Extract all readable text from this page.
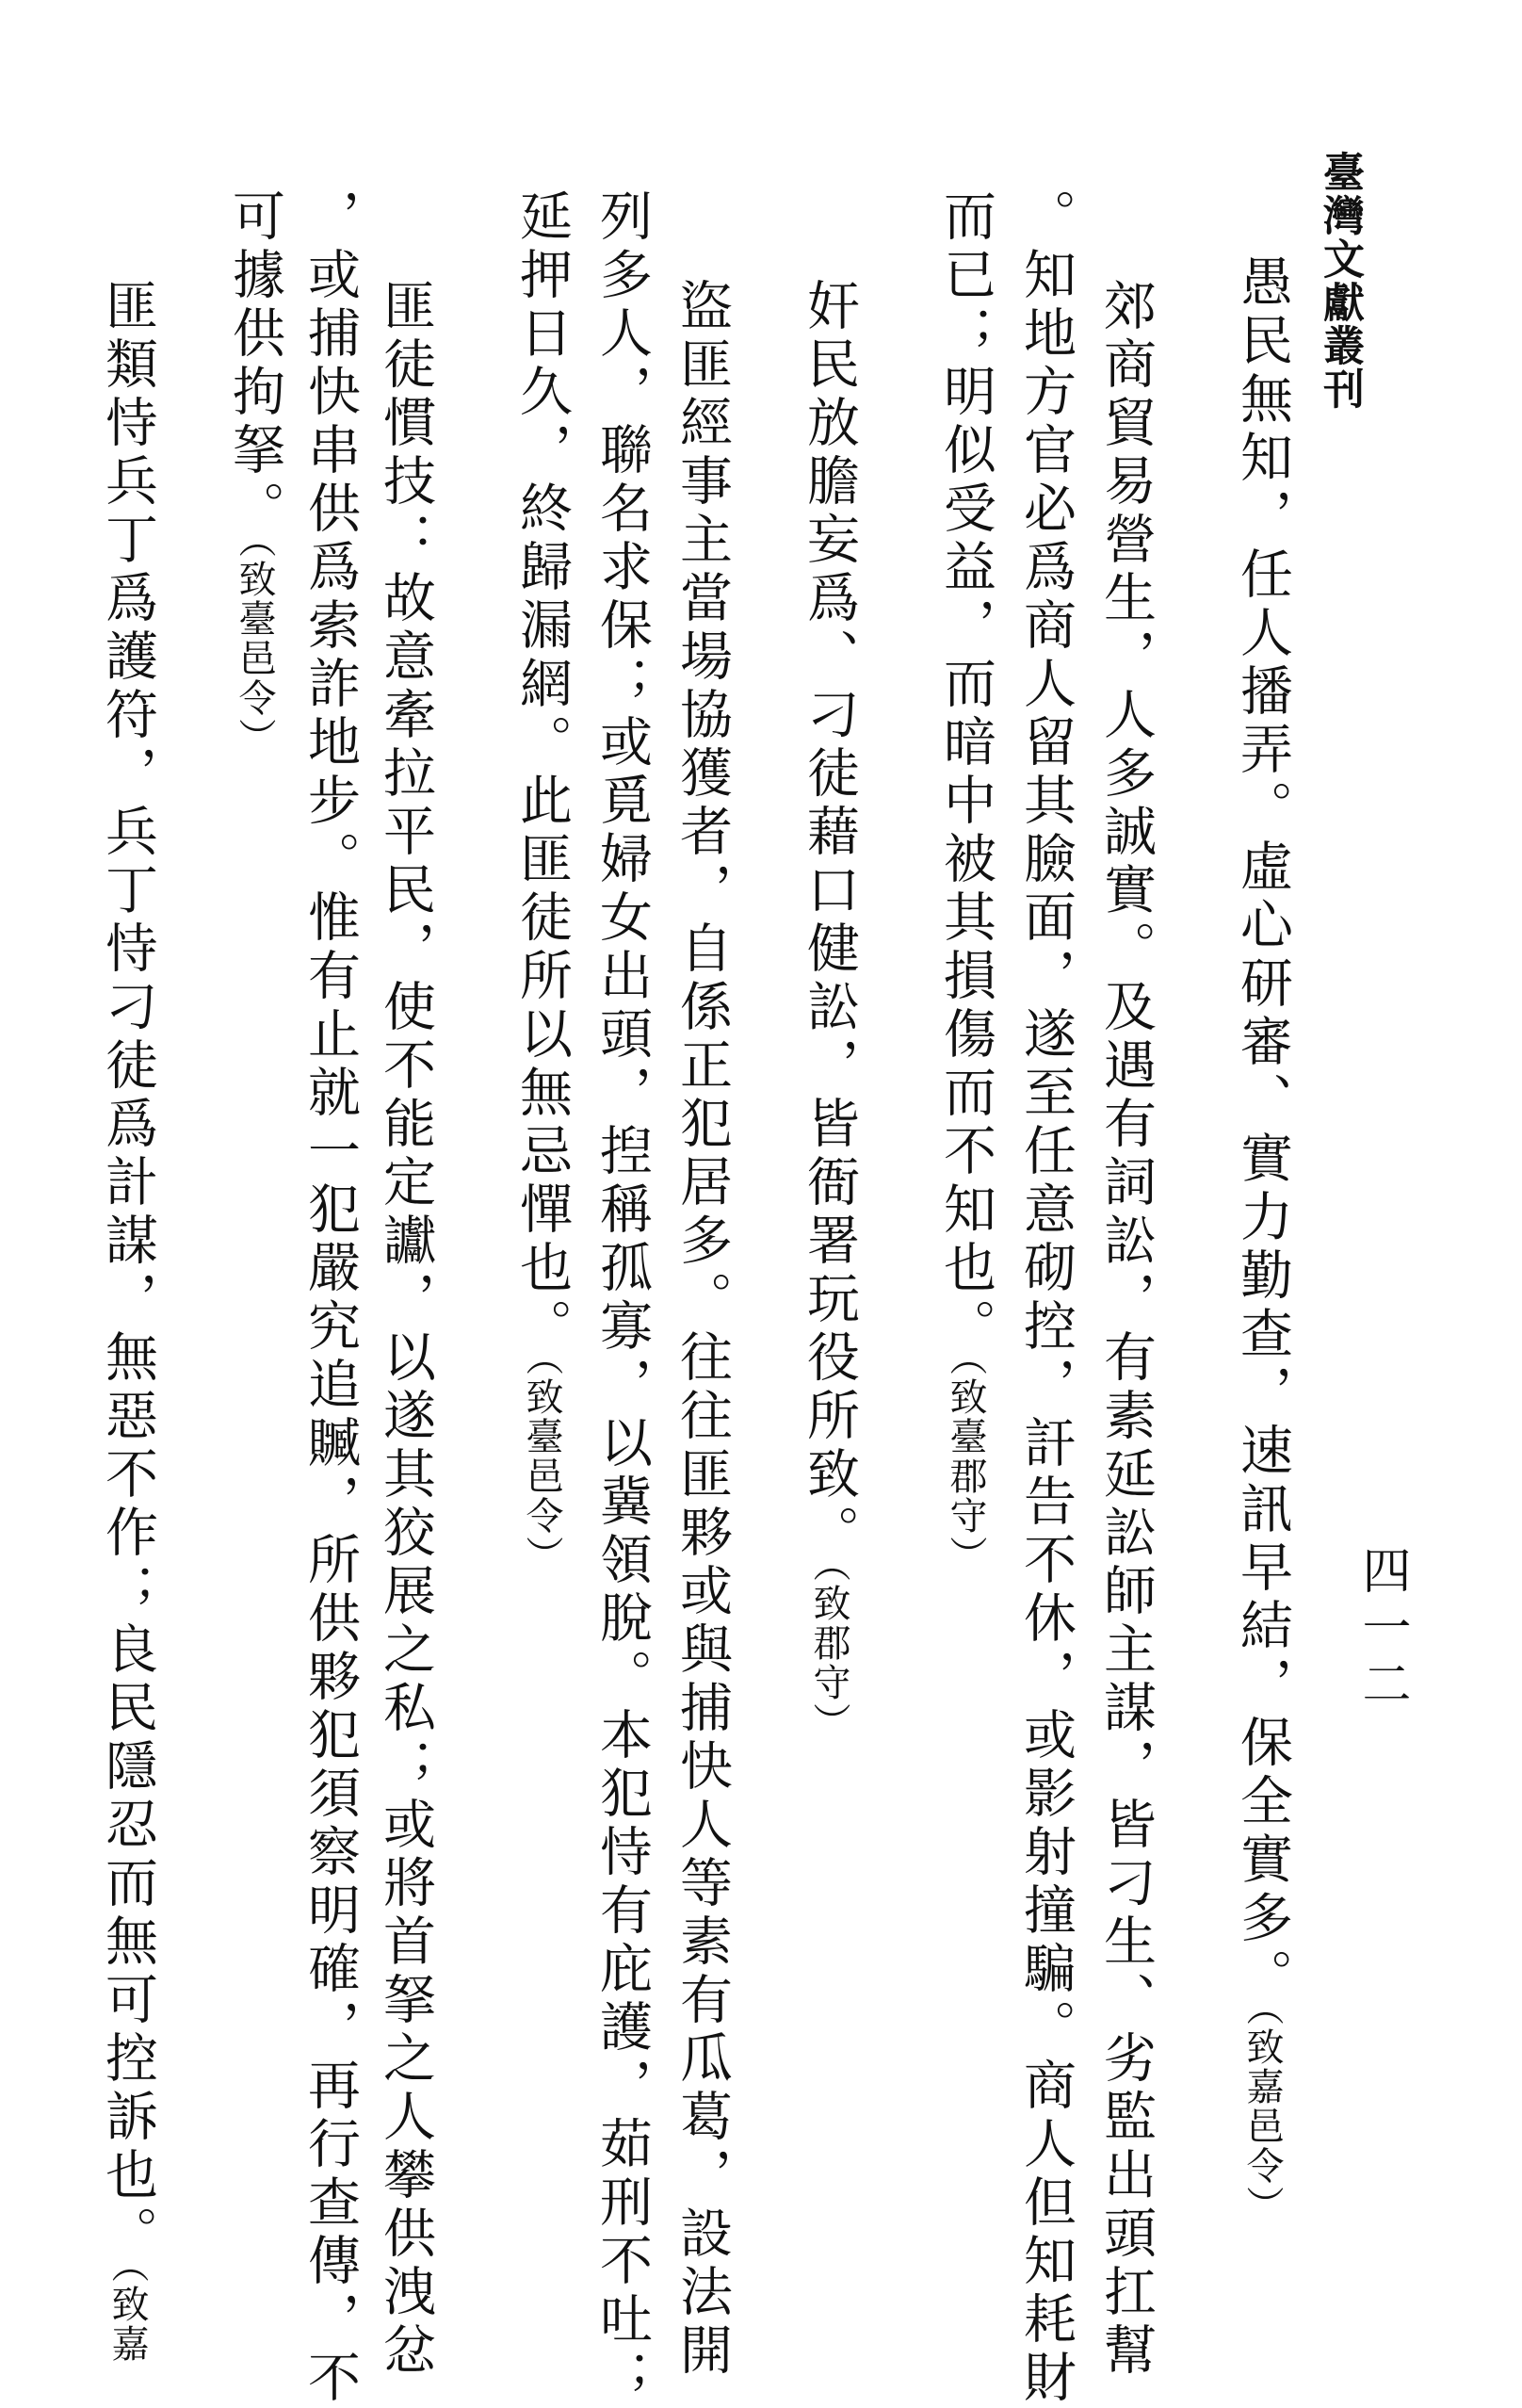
臺灣文獻叢刊
四一二
愚民無知，任人播弄。虛心研審、實力勤查，速訊早結，保全實多。（致嘉邑令）
郊商貿易營生，人多誠實。及遇有詞訟，有素延訟師主謀，皆刁生、劣監出頭扛幫
。知地方官必爲商人留其臉面，遂至任意砌控，訐告不休，或影射撞騙。商人但知耗財
而已；明似受益，而暗中被其損傷而不知也。（致臺郡守）
奸民放膽妄爲、刁徒藉口健訟，皆衙署玩役所致。（致郡守）
盜匪經事主當場協獲者，自係正犯居多。往往匪夥或與捕快人等素有瓜葛，設法開
列多人，聯名求保；或覓婦女出頭，揑稱孤寡，以冀領脫。本犯恃有庇護，茹刑不吐；
延押日久，終歸漏網。此匪徒所以無忌憚也。（致臺邑令）
匪徒慣技：故意牽拉平民，使不能定讞，以遂其狡展之私；或將首拏之人攀供洩忿
，或捕快串供爲索詐地步。惟有止就一犯嚴究追贓，所供夥犯須察明確，再行查傳，不
可據供拘拏。（致臺邑令）
匪類恃兵丁爲護符，兵丁恃刁徒爲計謀，無惡不作；良民隱忍而無可控訴也。（致嘉
